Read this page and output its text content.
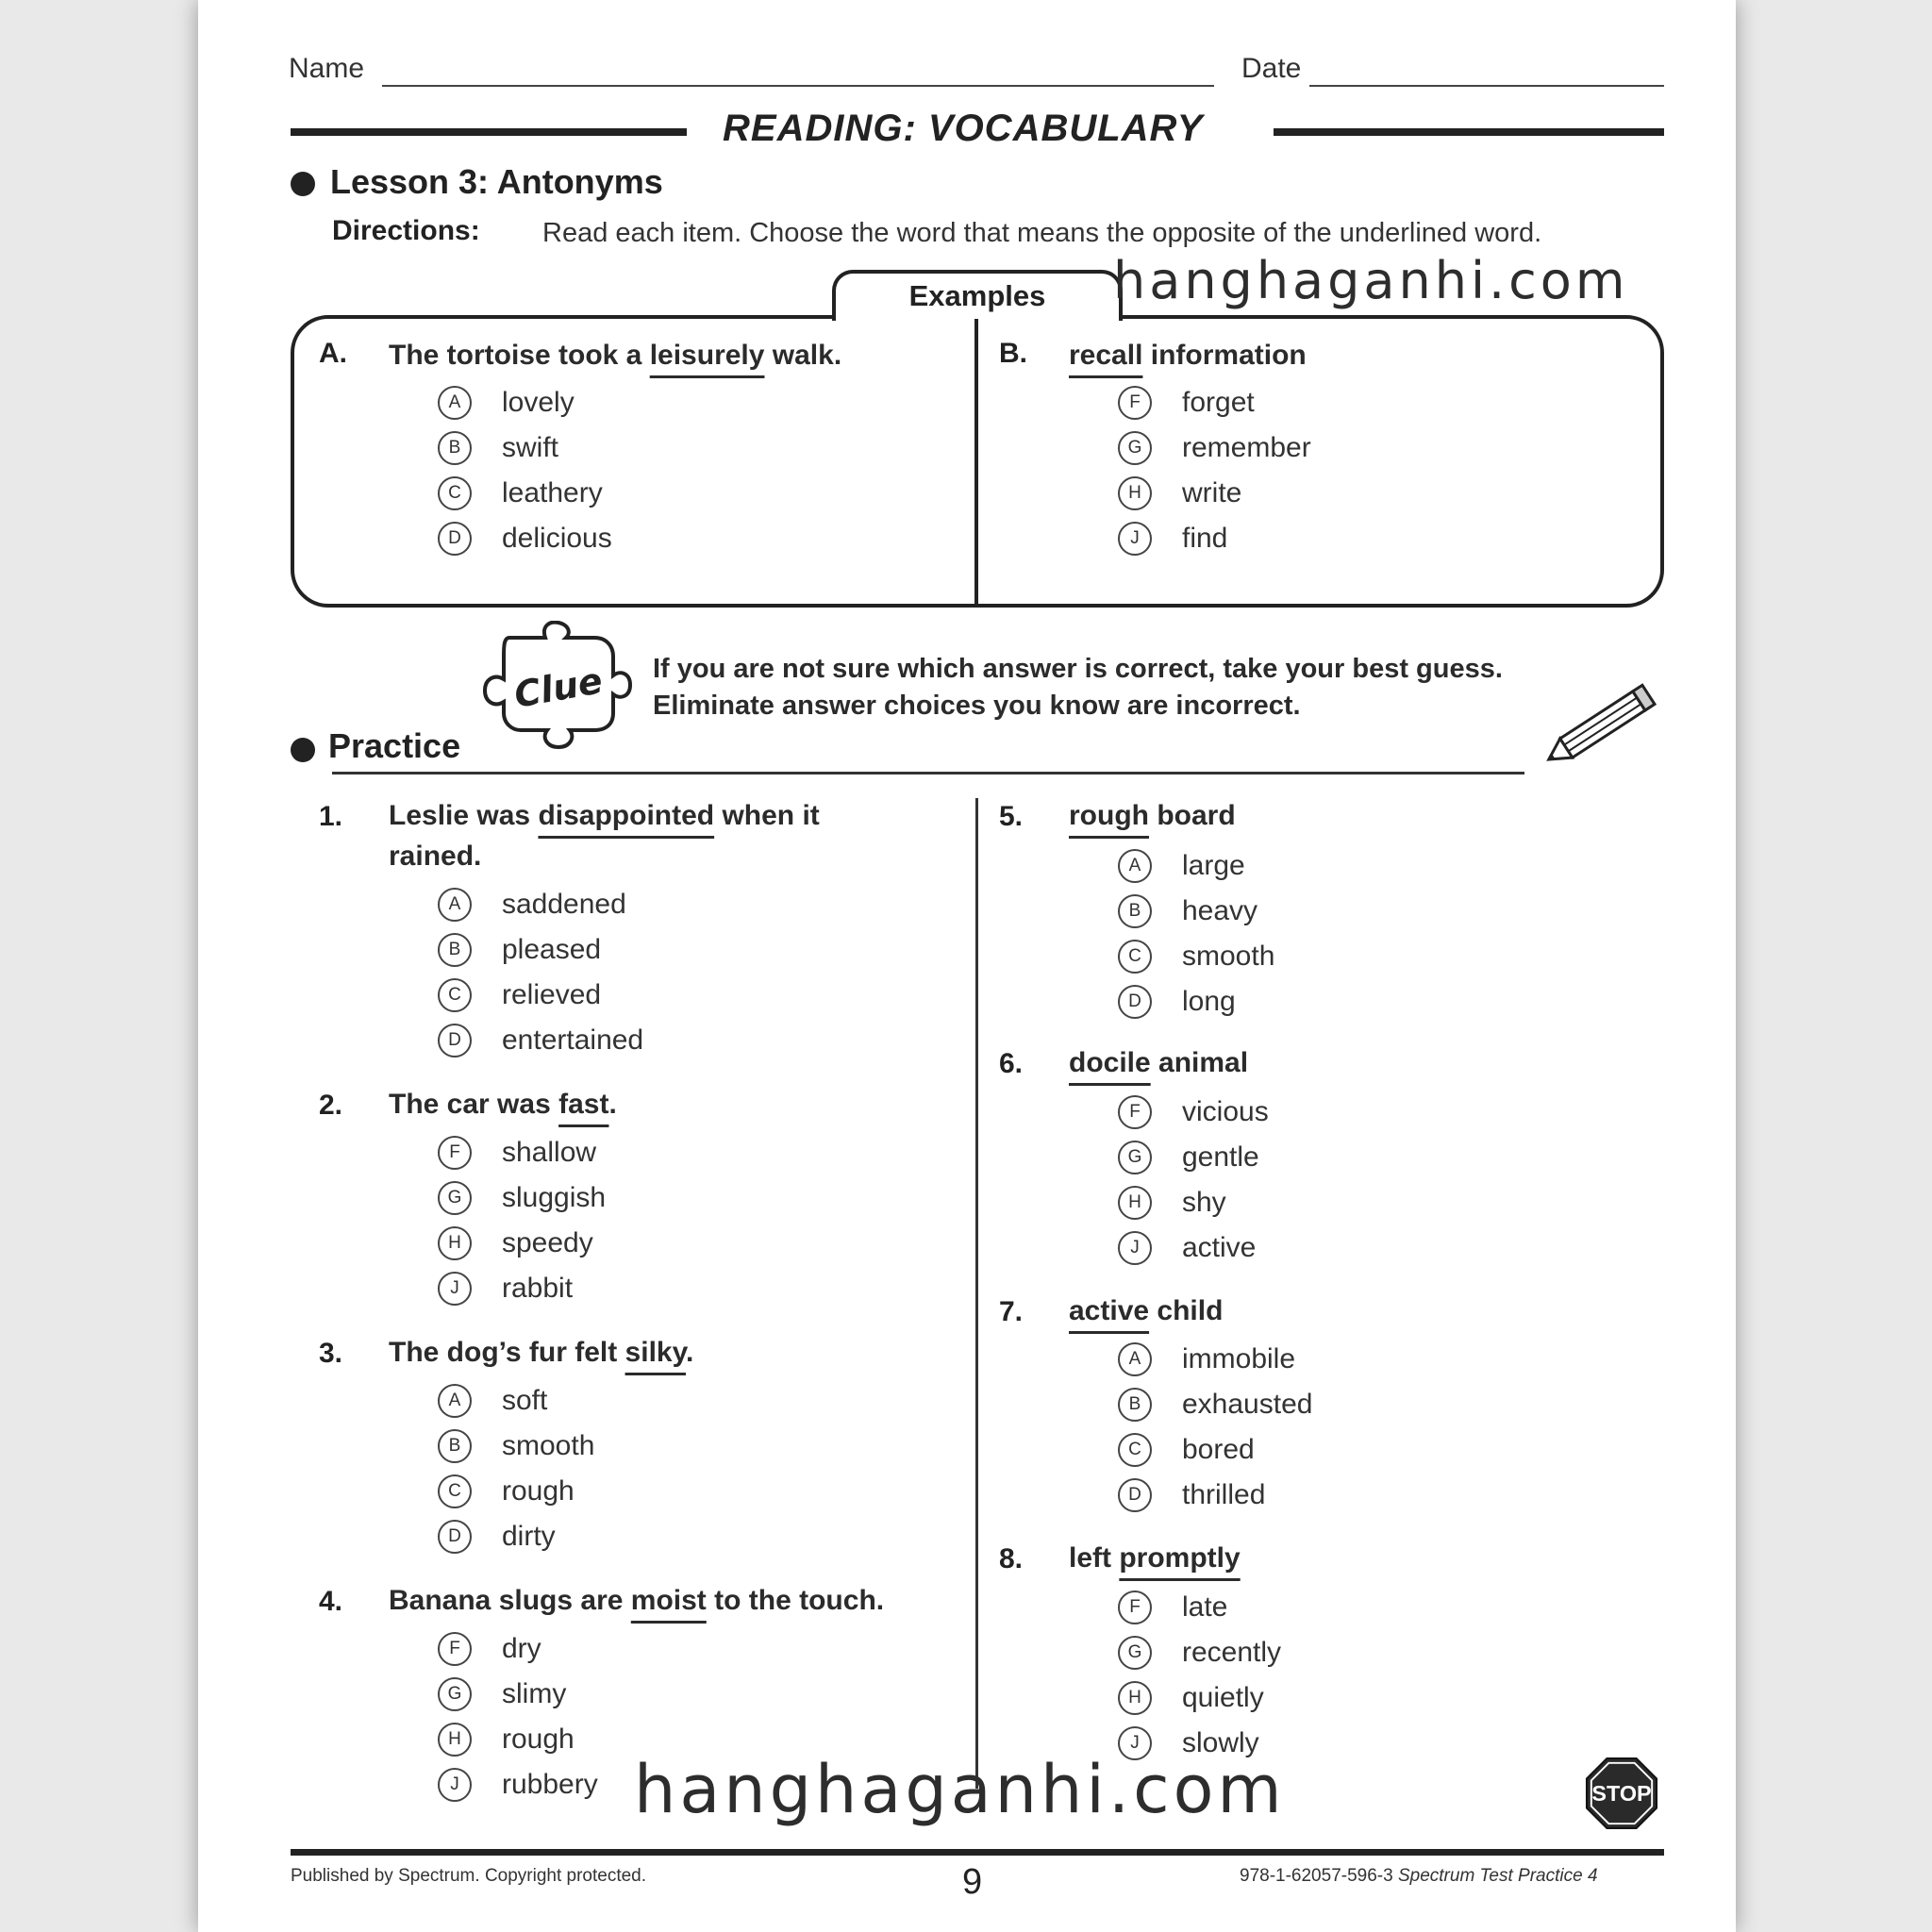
Name	Date
READING: VOCABULARY
Lesson 3: Antonyms
Directions: Read each item. Choose the word that means the opposite of the underlined word.
Examples
A. The tortoise took a leisurely walk.
A	lovely
B	swift
C	leathery
D	delicious
B. recall information
F	forget
G	remember
H	write
J	find
Clue If you are not sure which answer is correct, take your best guess.
Eliminate answer choices you know are incorrect.
Practice
1. Leslie was disappointed when it rained.
A	saddened
B	pleased
C	relieved
D	entertained
2. The car was fast.
F	shallow
G	sluggish
H	speedy
J	rabbit
3. The dog’s fur felt silky.
A	soft
B	smooth
C	rough
D	dirty
4. Banana slugs are moist to the touch.
F	dry
G	slimy
H	rough
J	rubbery
5. rough board
A	large
B	heavy
C	smooth
D	long
6. docile animal
F	vicious
G	gentle
H	shy
J	active
7. active child
A	immobile
B	exhausted
C	bored
D	thrilled
8. left promptly
F	late
G	recently
H	quietly
J	slowly
STOP
hanghaganhi.com
hanghaganhi.com
Published by Spectrum. Copyright protected.	9	978-1-62057-596-3 Spectrum Test Practice 4
